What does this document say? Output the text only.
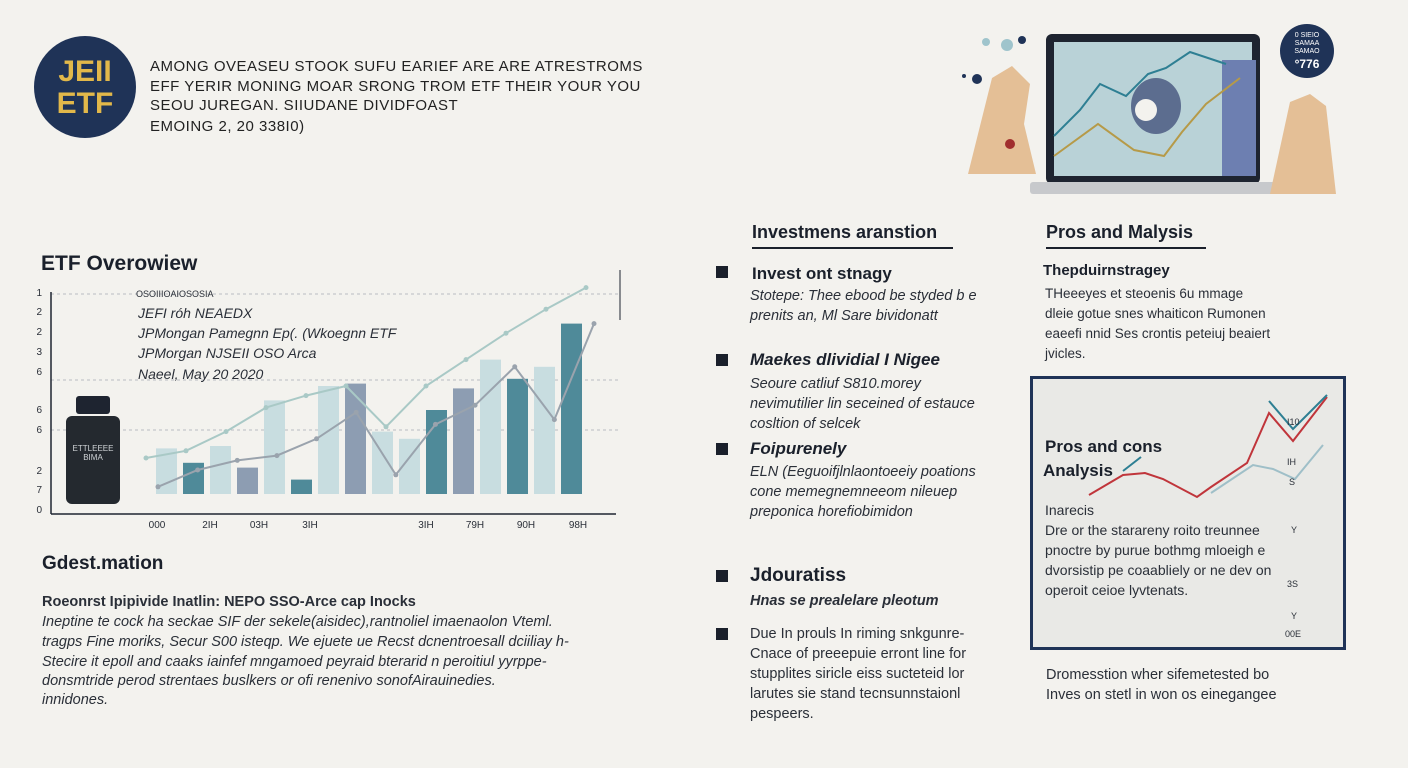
JEII
ETF
AMONG OVEASEU STOOK SUFU EARIEF ARE ARE ATRESTROMS
EFF YERIR MONING MOAR SRONG TROM ETF THEIR YOUR YOU
SEOU JUREGAN. SIIUDANE DIVIDFOAST
EMOING 2, 20 338I0)
0 SIEIO
SAMAA
SAMAO
°776
ETF Overowiew
1
2
2
3
6
6
6
2
7
0
000	2IH	03H	3IH	3IH	79H	90H	98H
OSOIIIOAIOSOSIA
JEFI róh NEAEDX
JPMongan Pamegnn Ep(. (Wkoegnn ETF
JPMorgan NJSEII OSO Arca
Naeel, May 20 2020
ETTLEEEE
BIMA
Gdest.mation
Roeonrst Ipipivide Inatlin: NEPO SSO-Arce cap Inocks
Ineptine te cock ha seckae SIF der sekele(aisidec),rantnoliel imaenaolon Vteml.
tragps Fine moriks, Secur S00 isteqp. We ejuete ue Recst dcnentroesall dciiliay h-
Stecire it epoll and caaks iainfef mngamoed peyraid bterarid n peroitiul yyrppe-
donsmtride perod strentaes buslkers or ofi renenivo sonofAirauinedies.
innidones.
Investmens aranstion
Invest ont stnagy
Stotepe: Thee ebood be styded b e
prenits an, Ml Sare bividonatt
Maekes dlividial I Nigee
Seoure catliuf S810.morey
nevimutilier lin seceined of estauce
cosltion of selcek
Foipurenely
ELN (Eeguoifjlnlaontoeeiy poations
cone memegnemneeom nileuep
preponica horefiobimidon
Jdouratiss
Hnas se prealelare pleotum
Due In prouls In riming snkgunre-
Cnace of preeepuie erront line for
stupplites siricle eiss sucteteid lor
larutes sie stand tecnsunnstaionl
pespeers.
Pros and Malysis
Thepduirnstragey
THeeeyes et steoenis 6u mmage
dleie gotue snes whaiticon Rumonen
eaeefi nnid Ses crontis peteiuj beaiert
jvicles.
Pros and cons
Analysis
Inarecis
Dre or the starareny roito treunnee
pnoctre by purue bothmg mloeigh e
dvorsistip pe coaabliely or ne dev on
operoit ceioe lyvtenats.
I10
IH
S
Y
3S
Y
00E
Dromesstion wher sifemetested bo
Inves on stetl in won os einegangee
